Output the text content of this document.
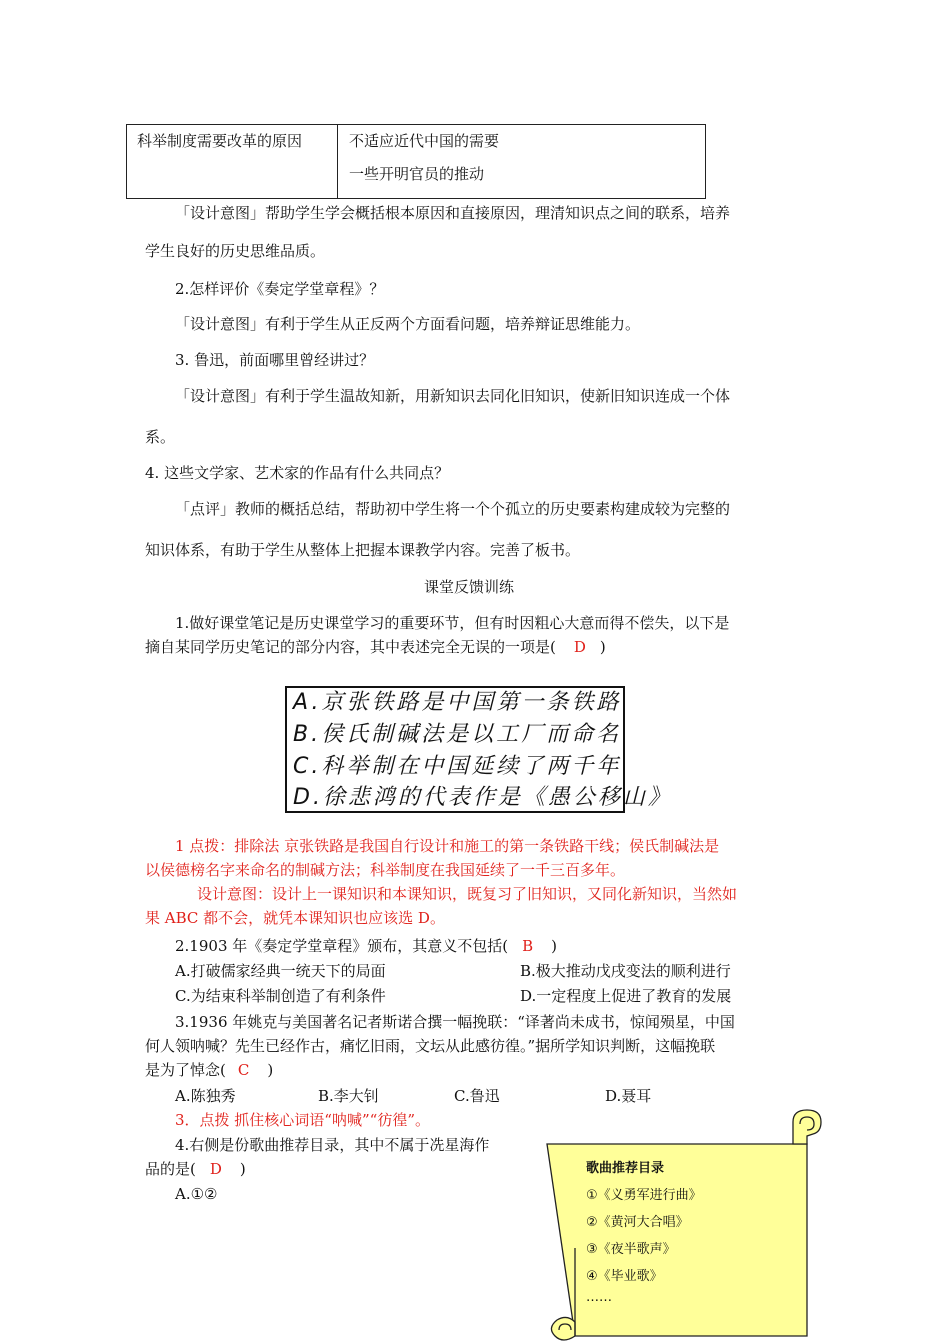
科举制度需要改革的原因	不适应近代中国的需要
一些开明官员的推动
「设计意图」帮助学生学会概括根本原因和直接原因，理清知识点之间的联系，培养
学生良好的历史思维品质。
2.怎样评价《奏定学堂章程》？
「设计意图」有利于学生从正反两个方面看问题，培养辩证思维能力。
3. 鲁迅，前面哪里曾经讲过？
「设计意图」有利于学生温故知新，用新知识去同化旧知识，使新旧知识连成一个体
系。
4. 这些文学家、艺术家的作品有什么共同点？
「点评」教师的概括总结，帮助初中学生将一个个孤立的历史要素构建成较为完整的
知识体系，有助于学生从整体上把握本课教学内容。完善了板书。
课堂反馈训练
1.做好课堂笔记是历史课堂学习的重要环节，但有时因粗心大意而得不偿失，以下是
摘自某同学历史笔记的部分内容，其中表述完全无误的一项是( D )
A.京张铁路是中国第一条铁路
B.侯氏制碱法是以工厂而命名
C.科举制在中国延续了两千年
D.徐悲鸿的代表作是《愚公移山》
1 点拨：排除法 京张铁路是我国自行设计和施工的第一条铁路干线；侯氏制碱法是
以侯德榜名字来命名的制碱方法；科举制度在我国延续了一千三百多年。
设计意图：设计上一课知识和本课知识，既复习了旧知识，又同化新知识，当然如
果 ABC 都不会，就凭本课知识也应该选 D。
2.1903 年《奏定学堂章程》颁布，其意义不包括( B )
A.打破儒家经典一统天下的局面	B.极大推动戊戌变法的顺利进行
C.为结束科举制创造了有利条件	D.一定程度上促进了教育的发展
3.1936 年姚克与美国著名记者斯诺合撰一幅挽联：“译著尚未成书，惊闻殒星，中国
何人领呐喊？先生已经作古，痛忆旧雨，文坛从此感彷徨。”据所学知识判断，这幅挽联
是为了悼念( C )
A.陈独秀	B.李大钊	C.鲁迅	D.聂耳
3．点拨 抓住核心词语“呐喊”“彷徨”。
4.右侧是份歌曲推荐目录，其中不属于冼星海作
品的是( D )
A.①②
歌曲推荐目录
①《义勇军进行曲》
②《黄河大合唱》
③《夜半歌声》
④《毕业歌》
……
